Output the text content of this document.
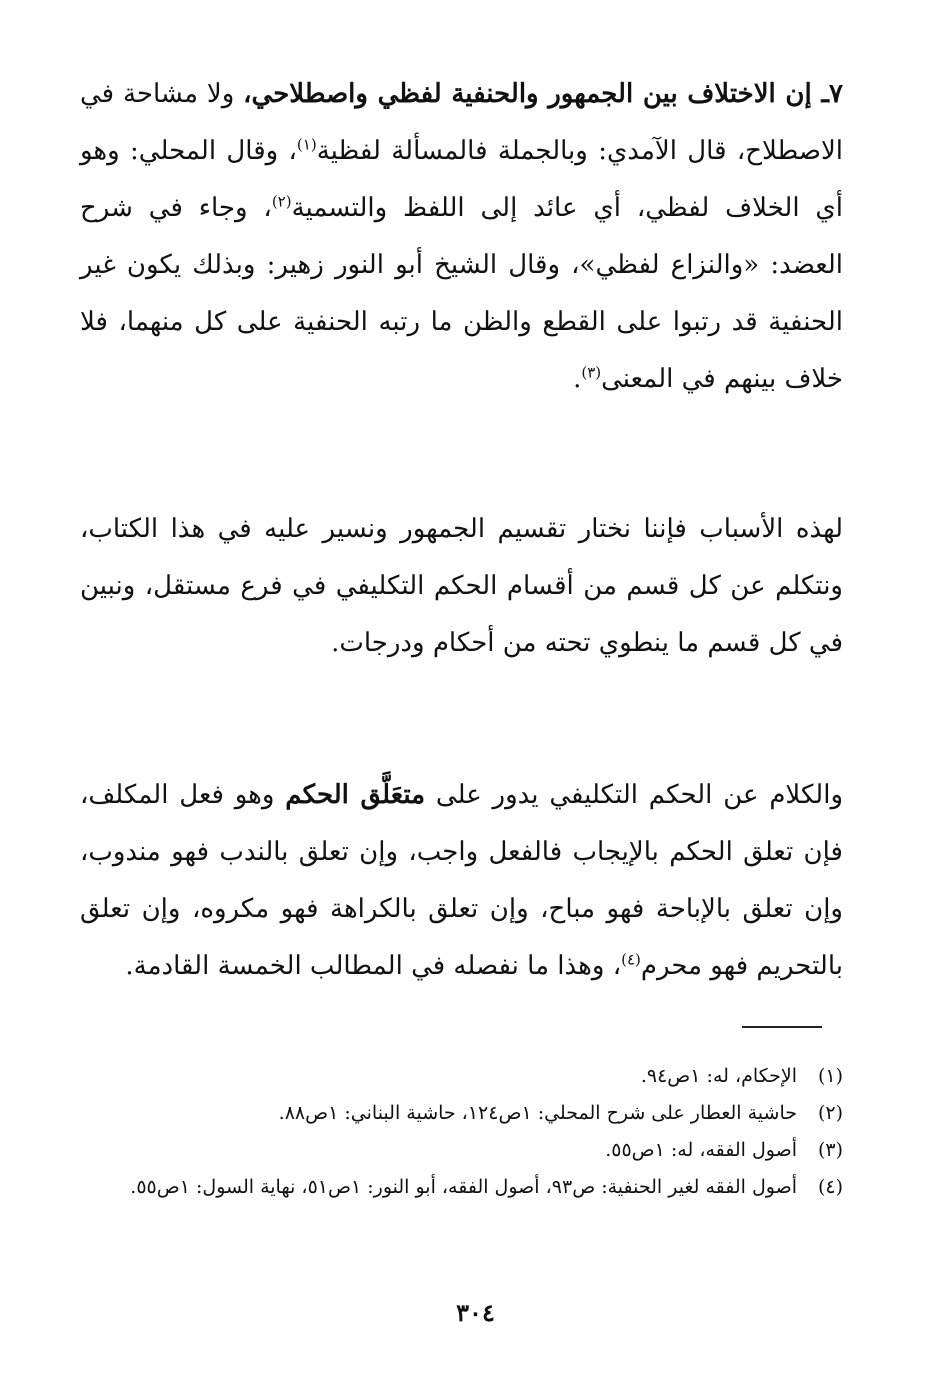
٧ـ إن الاختلاف بين الجمهور والحنفية لفظي واصطلاحي، ولا مشاحة في الاصطلاح، قال الآمدي: وبالجملة فالمسألة لفظية$^{(١)}$، وقال المحلي: وهو أي الخلاف لفظي، أي عائد إلى اللفظ والتسمية$^{(٢)}$، وجاء في شرح العضد: «والنزاع لفظي»، وقال الشيخ أبو النور زهير: وبذلك يكون غير الحنفية قد رتبوا على القطع والظن ما رتبه الحنفية على كل منهما، فلا خلاف بينهم في المعنى$^{(٣)}$.

لهذه الأسباب فإننا نختار تقسيم الجمهور ونسير عليه في هذا الكتاب، ونتكلم عن كل قسم من أقسام الحكم التكليفي في فرع مستقل، ونبين في كل قسم ما ينطوي تحته من أحكام ودرجات.

والكلام عن الحكم التكليفي يدور على متعَلَّق الحكم وهو فعل المكلف، فإن تعلق الحكم بالإيجاب فالفعل واجب، وإن تعلق بالندب فهو مندوب، وإن تعلق بالإباحة فهو مباح، وإن تعلق بالكراهة فهو مكروه، وإن تعلق بالتحريم فهو محرم$^{(٤)}$، وهذا ما نفصله في المطالب الخمسة القادمة.

(١)
الإحكام، له: ١ص٩٤.
(٢)
حاشية العطار على شرح المحلي: ١ص١٢٤، حاشية البناني: ١ص٨٨.
(٣)
أصول الفقه، له: ١ص٥٥.
(٤)
أصول الفقه لغير الحنفية: ص٩٣، أصول الفقه، أبو النور: ١ص٥١، نهاية السول: ١ص٥٥.
٣٠٤
